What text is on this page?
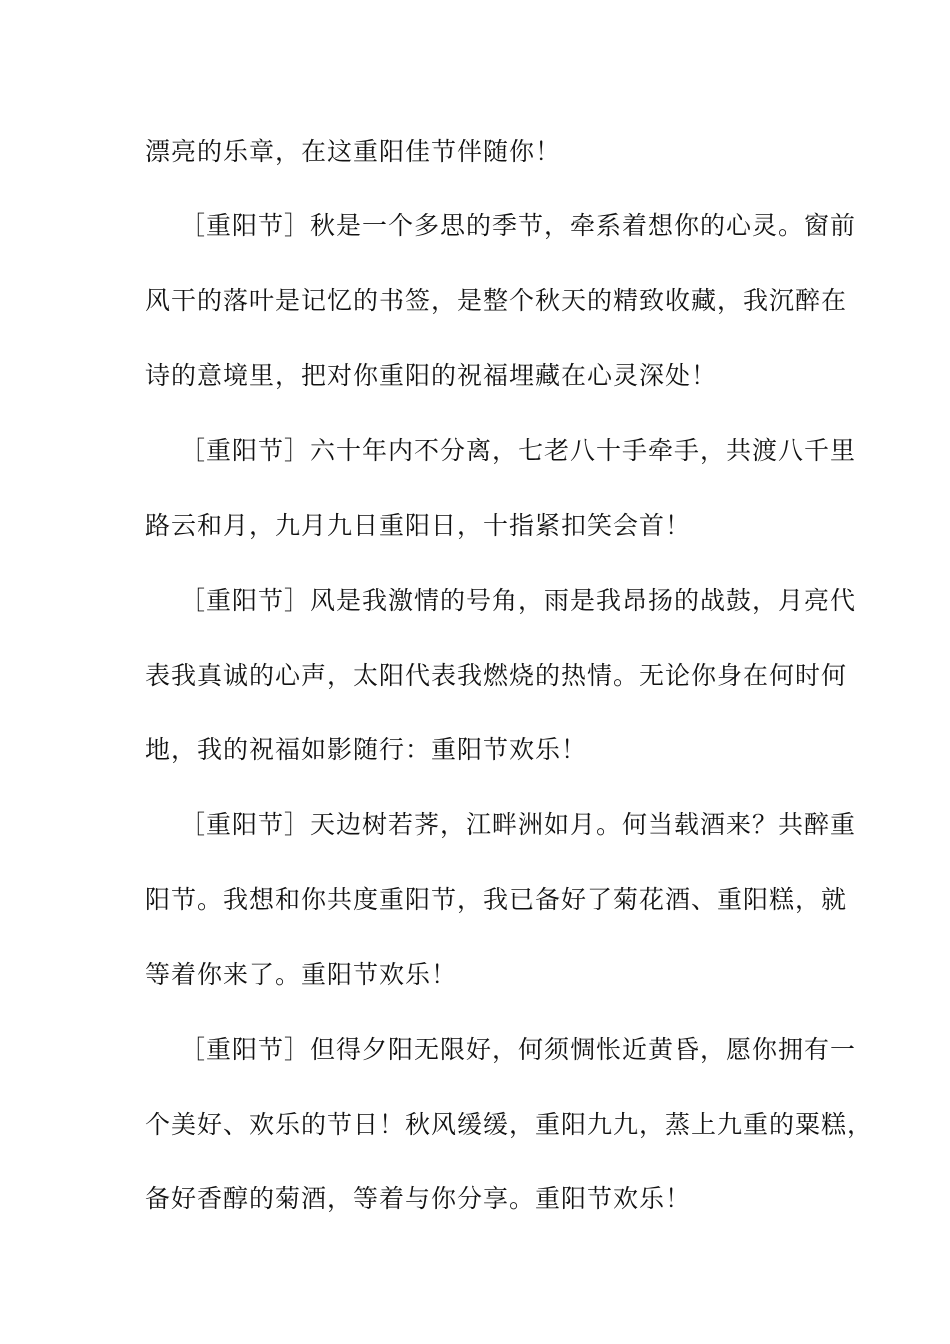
漂亮的乐章，在这重阳佳节伴随你！
［重阳节］秋是一个多思的季节，牵系着想你的心灵。窗前
风干的落叶是记忆的书签，是整个秋天的精致收藏，我沉醉在
诗的意境里，把对你重阳的祝福埋藏在心灵深处！
［重阳节］六十年内不分离，七老八十手牵手，共渡八千里
路云和月，九月九日重阳日，十指紧扣笑会首！
［重阳节］风是我激情的号角，雨是我昂扬的战鼓，月亮代
表我真诚的心声，太阳代表我燃烧的热情。无论你身在何时何
地，我的祝福如影随行：重阳节欢乐！
［重阳节］天边树若荠，江畔洲如月。何当载酒来？共醉重
阳节。我想和你共度重阳节，我已备好了菊花酒、重阳糕，就
等着你来了。重阳节欢乐！
［重阳节］但得夕阳无限好，何须惆怅近黄昏，愿你拥有一
个美好、欢乐的节日！秋风缓缓，重阳九九，蒸上九重的粟糕，
备好香醇的菊酒，等着与你分享。重阳节欢乐！
